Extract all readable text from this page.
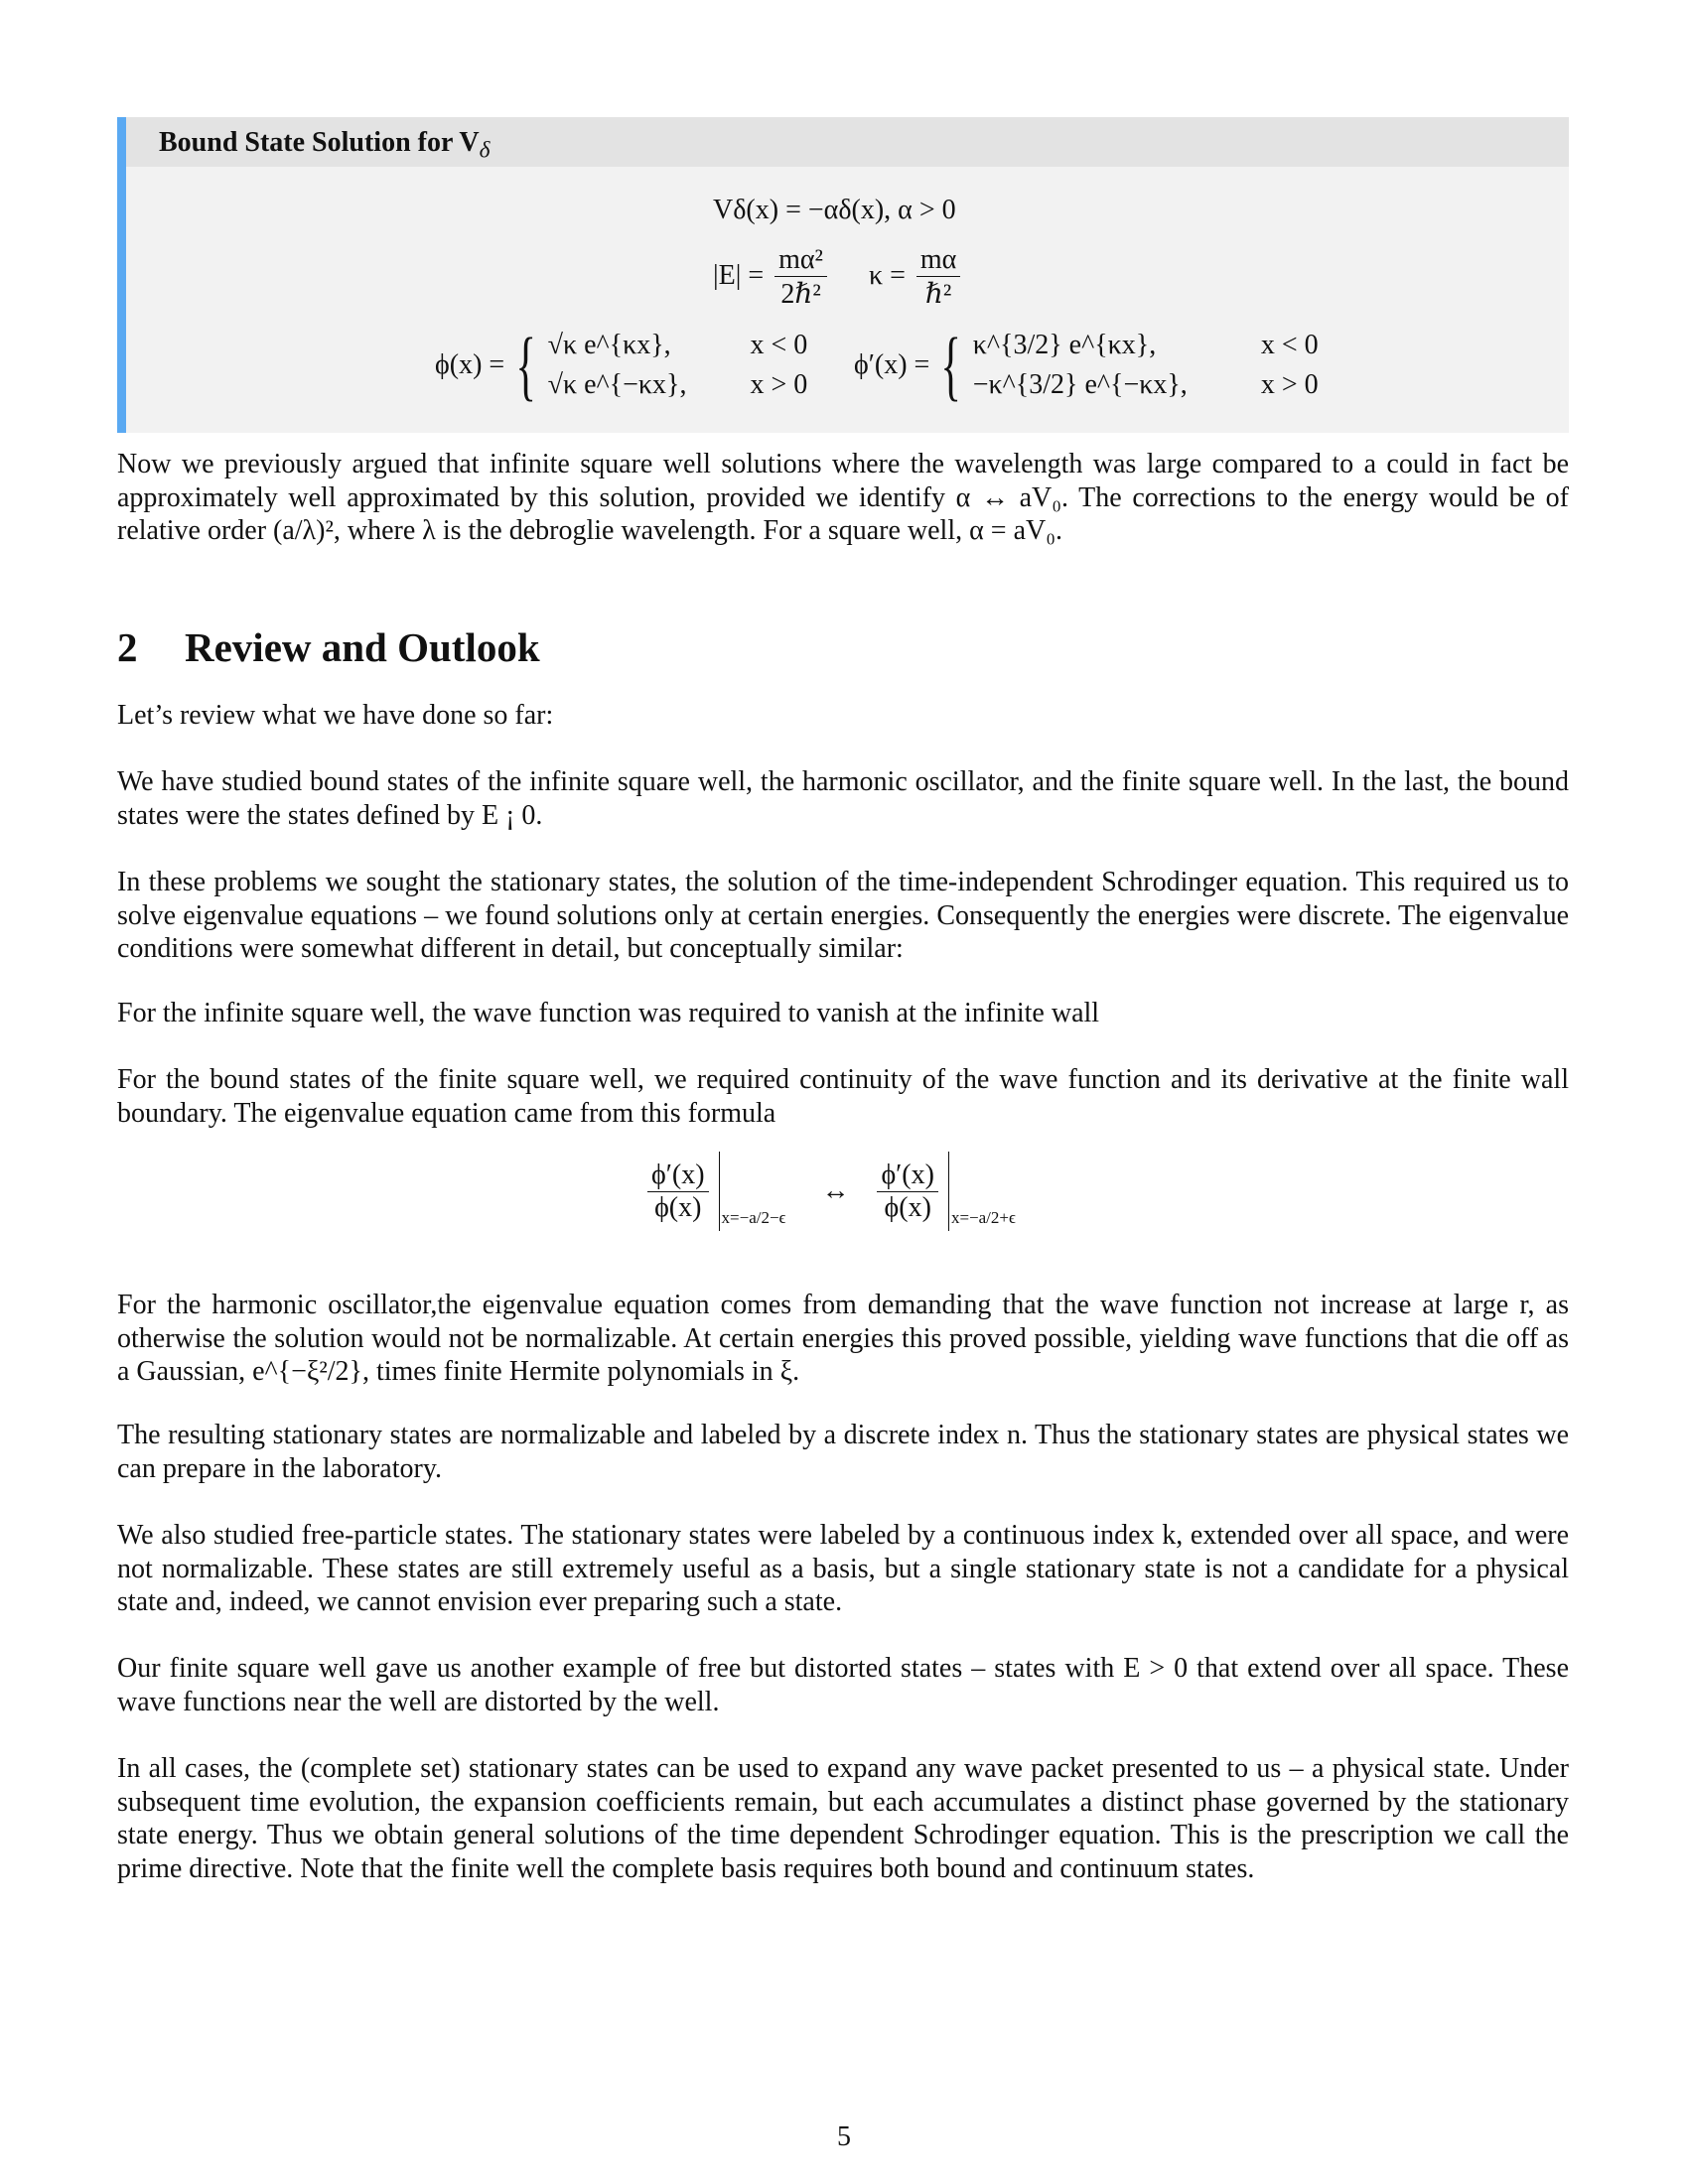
Bound State Solution for $V_\delta$
Vδ(x) = −αδ(x), α > 0
$|E| = \frac{\text{mα²}}{\text{2ℏ²}}$ $\kappa = \frac{m\alpha}{\text{ℏ²}}$
ϕ(x) = { √κ e^{κx},
√κ e^{−κx},

x < 0
x > 0
ϕ′(x) = { κ^{3/2} e^{κx},
−κ^{3/2} e^{−κx},

x < 0
x > 0

Now we previously argued that infinite square well solutions where the wavelength was large compared to a could in fact be approximately well approximated by this solution, provided we identify α ↔ aV₀. The corrections to the energy would be of relative order (a/λ)², where λ is the debroglie wavelength. For a square well, α = aV₀.

2 Review and Outlook

Let’s review what we have done so far:

We have studied bound states of the infinite square well, the harmonic oscillator, and the finite square well. In the last, the bound states were the states defined by E ¡ 0.

In these problems we sought the stationary states, the solution of the time-independent Schrodinger equation. This required us to solve eigenvalue equations – we found solutions only at certain energies. Consequently the energies were discrete. The eigenvalue conditions were somewhat different in detail, but conceptually similar:

For the infinite square well, the wave function was required to vanish at the infinite wall

For the bound states of the finite square well, we required continuity of the wave function and its derivative at the finite wall boundary. The eigenvalue equation came from this formula

$\frac{\phi'(x)}{\phi(x)} _{x=-a/2-\epsilon}$  ↔ $\frac{\phi'(x)}{\phi(x)} _{x=-a/2+\epsilon}$

For the harmonic oscillator,the eigenvalue equation comes from demanding that the wave function not increase at large r, as otherwise the solution would not be normalizable. At certain energies this proved possible, yielding wave functions that die off as a Gaussian, e^{−ξ²/2}, times finite Hermite polynomials in ξ.

The resulting stationary states are normalizable and labeled by a discrete index n. Thus the stationary states are physical states we can prepare in the laboratory.

We also studied free-particle states. The stationary states were labeled by a continuous index k, extended over all space, and were not normalizable. These states are still extremely useful as a basis, but a single stationary state is not a candidate for a physical state and, indeed, we cannot envision ever preparing such a state.

Our finite square well gave us another example of free but distorted states – states with E > 0 that extend over all space. These wave functions near the well are distorted by the well.

In all cases, the (complete set) stationary states can be used to expand any wave packet presented to us – a physical state. Under subsequent time evolution, the expansion coefficients remain, but each accumulates a distinct phase governed by the stationary state energy. Thus we obtain general solutions of the time dependent Schrodinger equation. This is the prescription we call the prime directive. Note that the finite well the complete basis requires both bound and continuum states.

5
